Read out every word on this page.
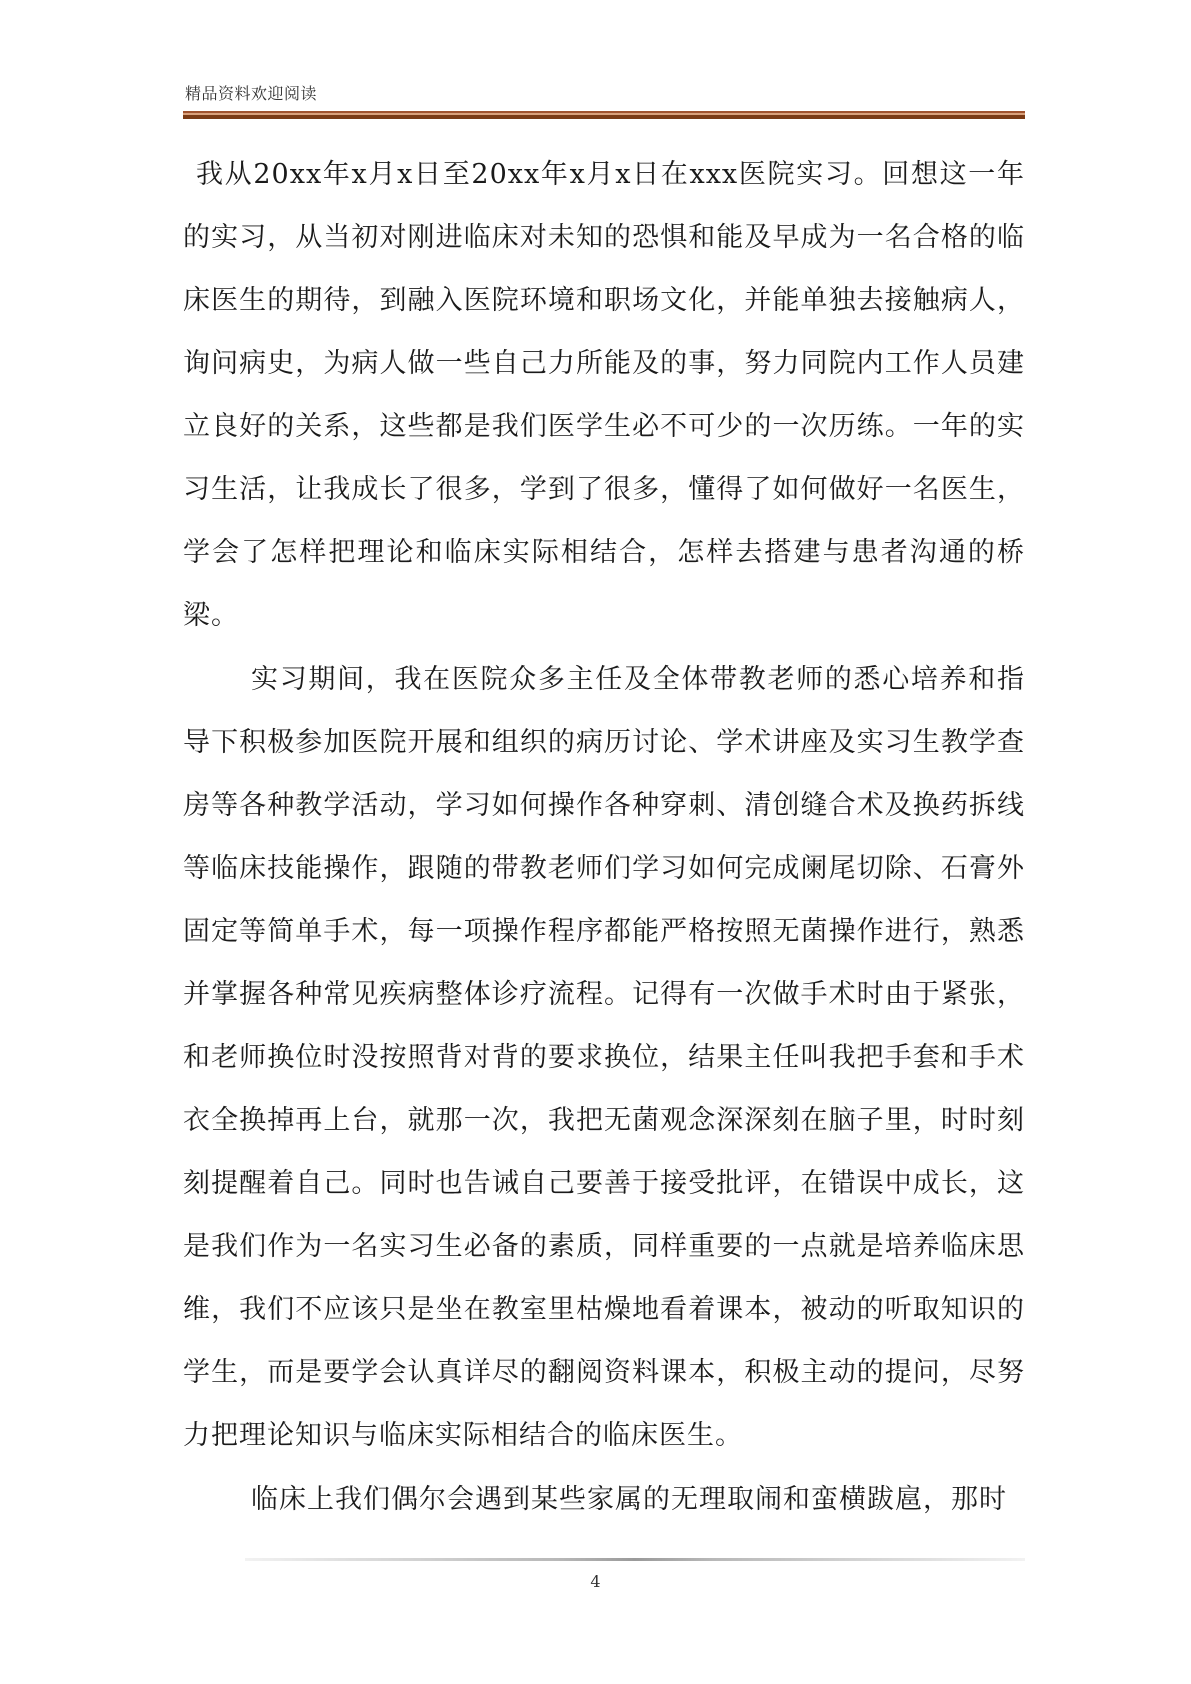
精品资料欢迎阅读

我从20xx年x月x日至20xx年x月x日在xxx医院实习。回想这一年的实习，从当初对刚进临床对未知的恐惧和能及早成为一名合格的临床医生的期待，到融入医院环境和职场文化，并能单独去接触病人，询问病史，为病人做一些自己力所能及的事，努力同院内工作人员建立良好的关系，这些都是我们医学生必不可少的一次历练。一年的实习生活，让我成长了很多，学到了很多，懂得了如何做好一名医生，学会了怎样把理论和临床实际相结合，怎样去搭建与患者沟通的桥梁。

实习期间，我在医院众多主任及全体带教老师的悉心培养和指导下积极参加医院开展和组织的病历讨论、学术讲座及实习生教学查房等各种教学活动，学习如何操作各种穿刺、清创缝合术及换药拆线等临床技能操作，跟随的带教老师们学习如何完成阑尾切除、石膏外固定等简单手术，每一项操作程序都能严格按照无菌操作进行，熟悉并掌握各种常见疾病整体诊疗流程。记得有一次做手术时由于紧张，和老师换位时没按照背对背的要求换位，结果主任叫我把手套和手术衣全换掉再上台，就那一次，我把无菌观念深深刻在脑子里，时时刻刻提醒着自己。同时也告诫自己要善于接受批评，在错误中成长，这是我们作为一名实习生必备的素质，同样重要的一点就是培养临床思维，我们不应该只是坐在教室里枯燥地看着课本，被动的听取知识的学生，而是要学会认真详尽的翻阅资料课本，积极主动的提问，尽努力把理论知识与临床实际相结合的临床医生。

临床上我们偶尔会遇到某些家属的无理取闹和蛮横跋扈，那时

4
